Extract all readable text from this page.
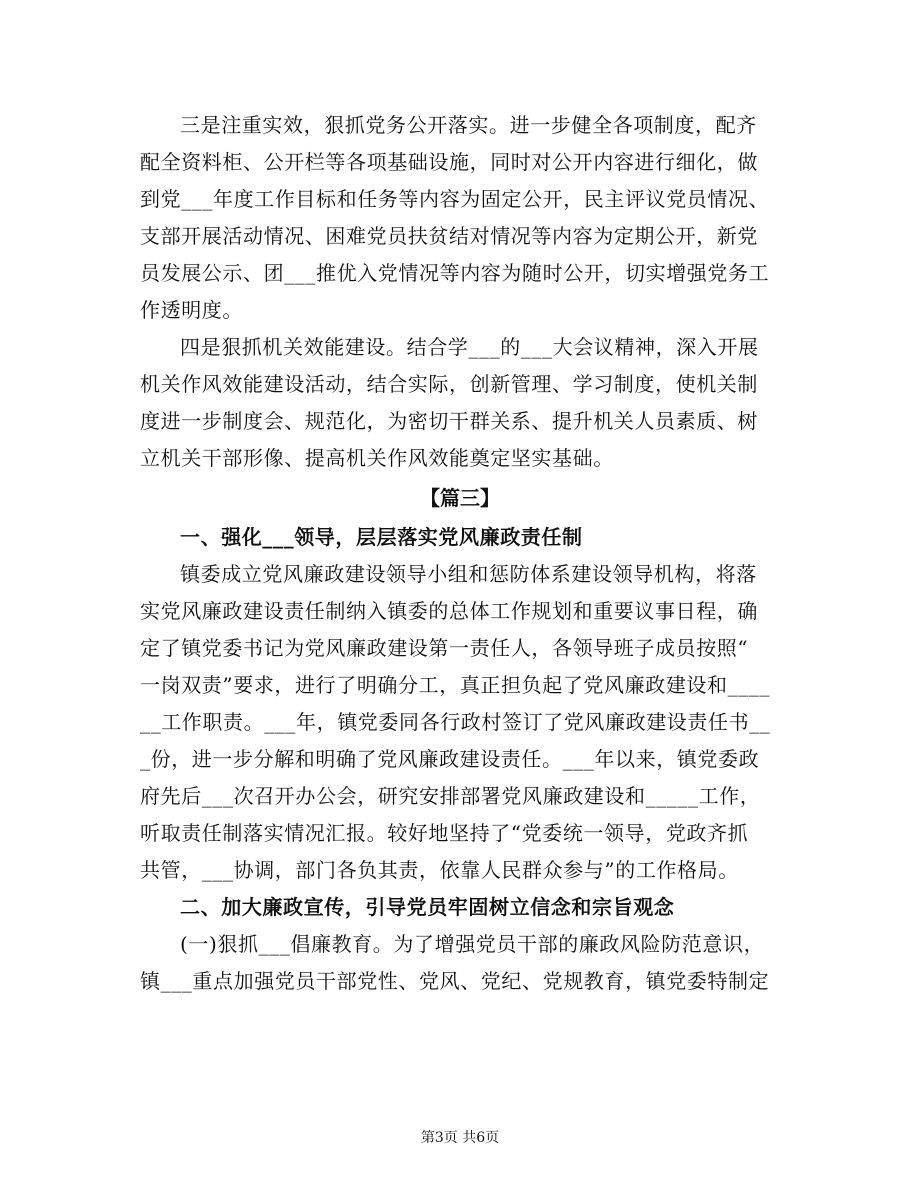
三是注重实效，狠抓党务公开落实。进一步健全各项制度，配齐
配全资料柜、公开栏等各项基础设施，同时对公开内容进行细化，做
到党___年度工作目标和任务等内容为固定公开，民主评议党员情况、
支部开展活动情况、困难党员扶贫结对情况等内容为定期公开，新党
员发展公示、团___推优入党情况等内容为随时公开，切实增强党务工
作透明度。
四是狠抓机关效能建设。结合学___的___大会议精神，深入开展
机关作风效能建设活动，结合实际，创新管理、学习制度，使机关制
度进一步制度会、规范化，为密切干群关系、提升机关人员素质、树
立机关干部形像、提高机关作风效能奠定坚实基础。
【篇三】
一、强化___领导，层层落实党风廉政责任制
镇委成立党风廉政建设领导小组和惩防体系建设领导机构，将落
实党风廉政建设责任制纳入镇委的总体工作规划和重要议事日程，确
定了镇党委书记为党风廉政建设第一责任人，各领导班子成员按照“
一岗双责”要求，进行了明确分工，真正担负起了党风廉政建设和____
__工作职责。___年，镇党委同各行政村签订了党风廉政建设责任书__
_份，进一步分解和明确了党风廉政建设责任。___年以来，镇党委政
府先后___次召开办公会，研究安排部署党风廉政建设和_____工作，
听取责任制落实情况汇报。较好地坚持了“党委统一领导，党政齐抓
共管，___协调，部门各负其责，依靠人民群众参与”的工作格局。
二、加大廉政宣传，引导党员牢固树立信念和宗旨观念
(一)狠抓___倡廉教育。为了增强党员干部的廉政风险防范意识，
镇___重点加强党员干部党性、党风、党纪、党规教育，镇党委特制定
第3页 共6页
